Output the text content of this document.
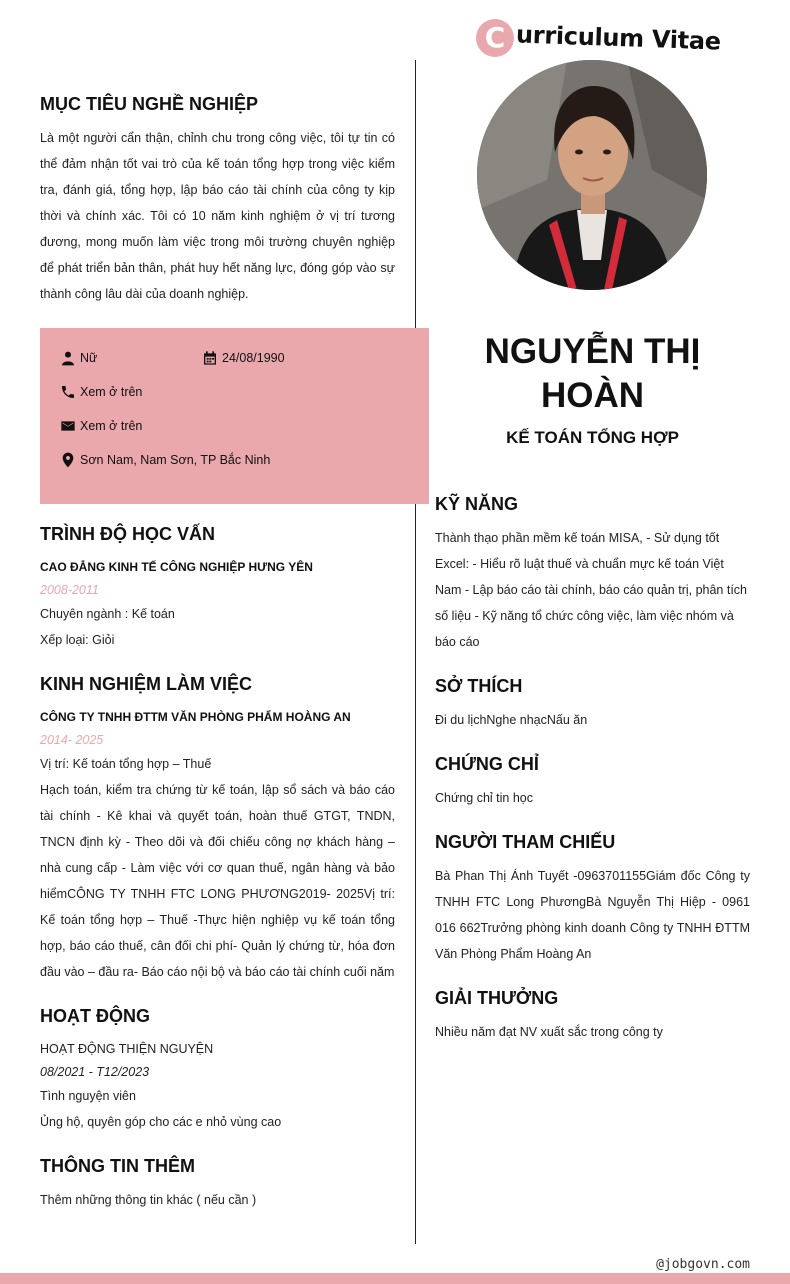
C urriculum Vitae
NGUYỄN THỊ HOÀN
KẾ TOÁN TỔNG HỢP
MỤC TIÊU NGHỀ NGHIỆP
Là một người cẩn thận, chỉnh chu trong công việc, tôi tự tin có thể đảm nhận tốt vai trò của kế toán tổng hợp trong việc kiểm tra, đánh giá, tổng hợp, lập báo cáo tài chính của công ty kịp thời và chính xác. Tôi có 10 năm kinh nghiệm ở vị trí tương đương, mong muốn làm việc trong môi trường chuyên nghiệp để phát triển bản thân, phát huy hết năng lực, đóng góp vào sự thành công lâu dài của doanh nghiệp.
Nữ	24/08/1990
Xem ở trên
Xem ở trên
Sơn Nam, Nam Sơn, TP Bắc Ninh
TRÌNH ĐỘ HỌC VẤN
CAO ĐẲNG KINH TẾ CÔNG NGHIỆP HƯNG YÊN
2008-2011
Chuyên ngành : Kế toán
Xếp loại: Giỏi
KINH NGHIỆM LÀM VIỆC
CÔNG TY TNHH ĐTTM VĂN PHÒNG PHẨM HOÀNG AN
2014- 2025
Vị trí: Kế toán tổng hợp – Thuế
Hạch toán, kiểm tra chứng từ kế toán, lập sổ sách và báo cáo tài chính - Kê khai và quyết toán, hoàn thuế GTGT, TNDN, TNCN định kỳ - Theo dõi và đối chiếu công nợ khách hàng – nhà cung cấp - Làm việc với cơ quan thuế, ngân hàng và bảo hiểmCÔNG TY TNHH FTC LONG PHƯƠNG2019- 2025Vị trí: Kế toán tổng hợp – Thuế -Thực hiện nghiệp vụ kế toán tổng hợp, báo cáo thuế, cân đối chi phí- Quản lý chứng từ, hóa đơn đầu vào – đầu ra- Báo cáo nội bộ và báo cáo tài chính cuối năm
HOẠT ĐỘNG
HOẠT ĐỘNG THIỆN NGUYỆN
08/2021 - T12/2023
Tình nguyện viên
Ủng hộ, quyên góp cho các e nhỏ vùng cao
THÔNG TIN THÊM
Thêm những thông tin khác ( nếu cần )
KỸ NĂNG
Thành thạo phần mềm kế toán MISA, - Sử dụng tốt Excel: - Hiểu rõ luật thuế và chuẩn mực kế toán Việt Nam - Lập báo cáo tài chính, báo cáo quản trị, phân tích số liệu - Kỹ năng tổ chức công việc, làm việc nhóm và báo cáo
SỞ THÍCH
Đi du lịchNghe nhạcNấu ăn
CHỨNG CHỈ
Chứng chỉ tin học
NGƯỜI THAM CHIẾU
Bà Phan Thị Ánh Tuyết -0963701155Giám đốc Công ty TNHH FTC Long PhươngBà Nguyễn Thị Hiệp - 0961 016 662Trưởng phòng kinh doanh Công ty TNHH ĐTTM Văn Phòng Phẩm Hoàng An
GIẢI THƯỞNG
Nhiều năm đạt NV xuất sắc trong công ty
@jobgovn.com
